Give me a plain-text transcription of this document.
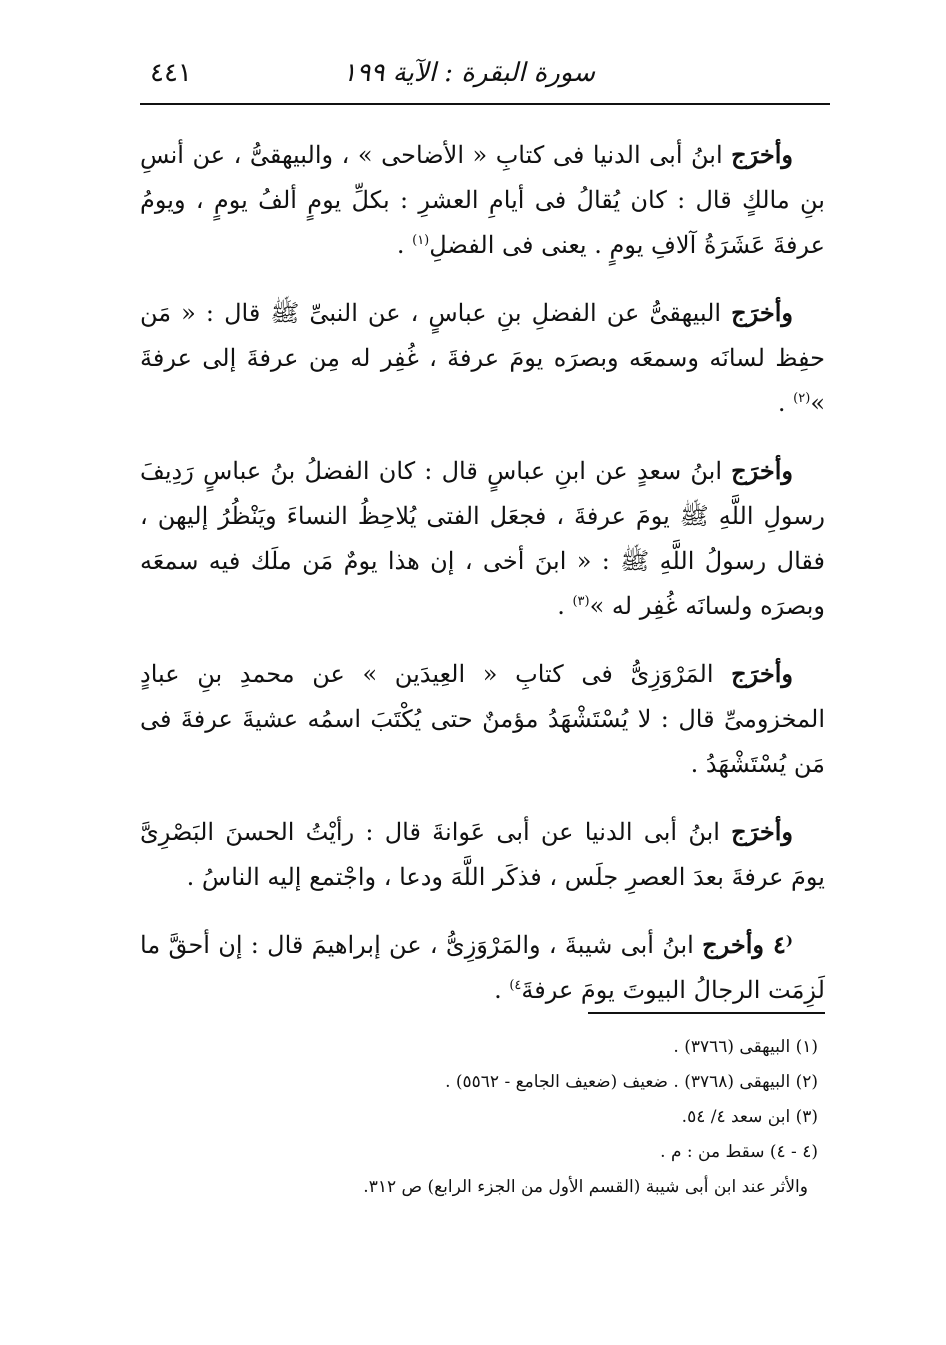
سورة البقرة : الآية ١٩٩
٤٤١

وأخرَج ابنُ أبى الدنيا فى كتابِ « الأضاحى » ، والبيهقىُّ ، عن أنسِ بنِ مالكٍ قال : كان يُقالُ فى أيامِ العشرِ : بكلِّ يومٍ ألفُ يومٍ ، ويومُ عرفةَ عَشَرَةُ آلافِ يومٍ . يعنى فى الفضلِ$^{(١)}$ .

وأخرَج البيهقىُّ عن الفضلِ بنِ عباسٍ ، عن النبىِّ ﷺ قال : « مَن حفِظ لسانَه وسمعَه وبصرَه يومَ عرفةَ ، غُفِر له مِن عرفةَ إلى عرفةَ »$^{(٢)}$ .

وأخرَج ابنُ سعدٍ عن ابنِ عباسٍ قال : كان الفضلُ بنُ عباسٍ رَدِيفَ رسولِ اللَّهِ ﷺ يومَ عرفةَ ، فجعَل الفتى يُلاحِظُ النساءَ ويَنْظُرُ إليهن ، فقال رسولُ اللَّهِ ﷺ : « ابنَ أخى ، إن هذا يومٌ مَن ملَك فيه سمعَه وبصرَه ولسانَه غُفِر له »$^{(٣)}$ .

وأخرَج المَرْوَزِىُّ فى كتابِ « العِيدَين » عن محمدِ بنِ عبادٍ المخزومىِّ قال : لا يُسْتَشْهَدُ مؤمنٌ حتى يُكْتَبَ اسمُه عشيةَ عرفةَ فى مَن يُسْتَشْهَدُ .

وأخرَج ابنُ أبى الدنيا عن أبى عَوانةَ قال : رأيْتُ الحسنَ البَصْرِىَّ يومَ عرفةَ بعدَ العصرِ جلَس ، فذكَر اللَّهَ ودعا ، واجْتمع إليه الناسُ .

⁽٤ وأخرج ابنُ أبى شيبةَ ، والمَرْوَزِىُّ ، عن إبراهيمَ قال : إن أحقَّ ما لَزِمَت الرجالُ البيوتَ يومَ عرفةَ$^{٤)}$ .

(١) البيهقى (٣٧٦٦) .

(٢) البيهقى (٣٧٦٨) . ضعيف (ضعيف الجامع - ٥٥٦٢) .

(٣) ابن سعد ٤/ ٥٤.

(٤ - ٤) سقط من : م .

والأثر عند ابن أبى شيبة (القسم الأول من الجزء الرابع) ص ٣١٢.
